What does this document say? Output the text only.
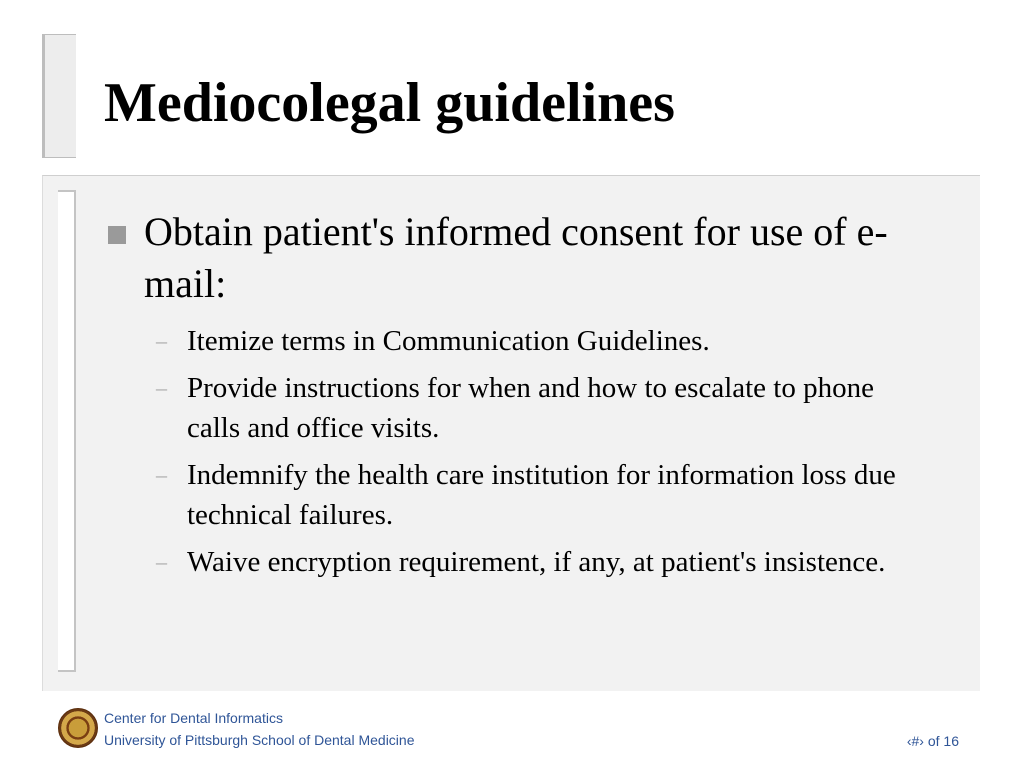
Mediocolegal guidelines
Obtain patient's informed consent for use of e-mail:
– Itemize terms in Communication Guidelines.
– Provide instructions for when and how to escalate to phone calls and office visits.
– Indemnify the health care institution for information loss due technical failures.
– Waive encryption requirement, if any, at patient's insistence.
Center for Dental Informatics
University of Pittsburgh School of Dental Medicine	‹#› of 16
